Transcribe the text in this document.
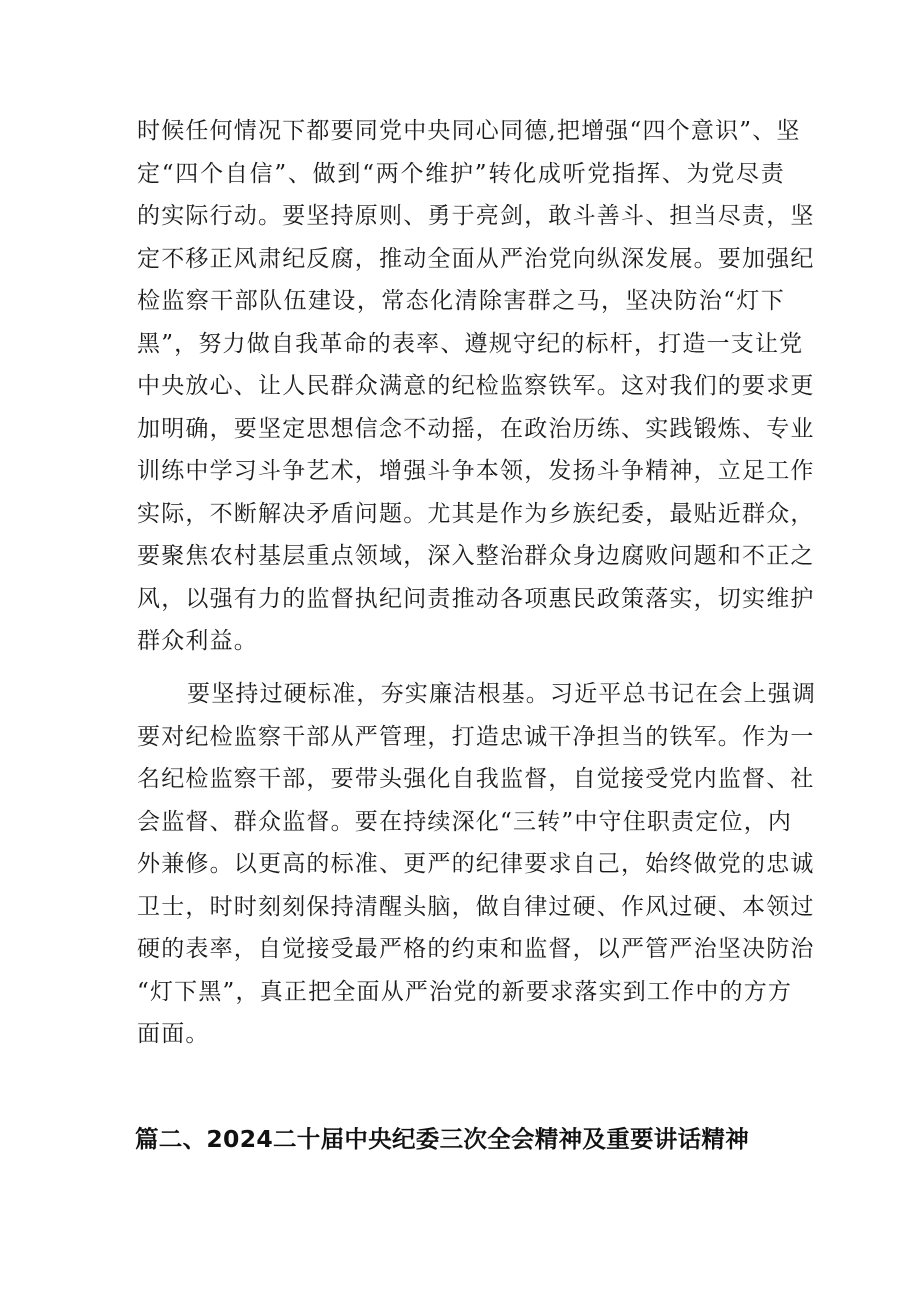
时候任何情况下都要同党中央同心同德,把增强“四个意识”、坚
定“四个自信”、做到“两个维护”转化成听党指挥、为党尽责
的实际行动。要坚持原则、勇于亮剑，敢斗善斗、担当尽责，坚
定不移正风肃纪反腐，推动全面从严治党向纵深发展。要加强纪
检监察干部队伍建设，常态化清除害群之马，坚决防治“灯下
黑”，努力做自我革命的表率、遵规守纪的标杆，打造一支让党
中央放心、让人民群众满意的纪检监察铁军。这对我们的要求更
加明确，要坚定思想信念不动摇，在政治历练、实践锻炼、专业
训练中学习斗争艺术，增强斗争本领，发扬斗争精神，立足工作
实际，不断解决矛盾问题。尤其是作为乡族纪委，最贴近群众，
要聚焦农村基层重点领域，深入整治群众身边腐败问题和不正之
风，以强有力的监督执纪问责推动各项惠民政策落实，切实维护
群众利益。

要坚持过硬标准，夯实廉洁根基。习近平总书记在会上强调
要对纪检监察干部从严管理，打造忠诚干净担当的铁军。作为一
名纪检监察干部，要带头强化自我监督，自觉接受党内监督、社
会监督、群众监督。要在持续深化“三转”中守住职责定位，内
外兼修。以更高的标准、更严的纪律要求自己，始终做党的忠诚
卫士，时时刻刻保持清醒头脑，做自律过硬、作风过硬、本领过
硬的表率，自觉接受最严格的约束和监督，以严管严治坚决防治
“灯下黑”，真正把全面从严治党的新要求落实到工作中的方方
面面。

篇二、2024二十届中央纪委三次全会精神及重要讲话精神
